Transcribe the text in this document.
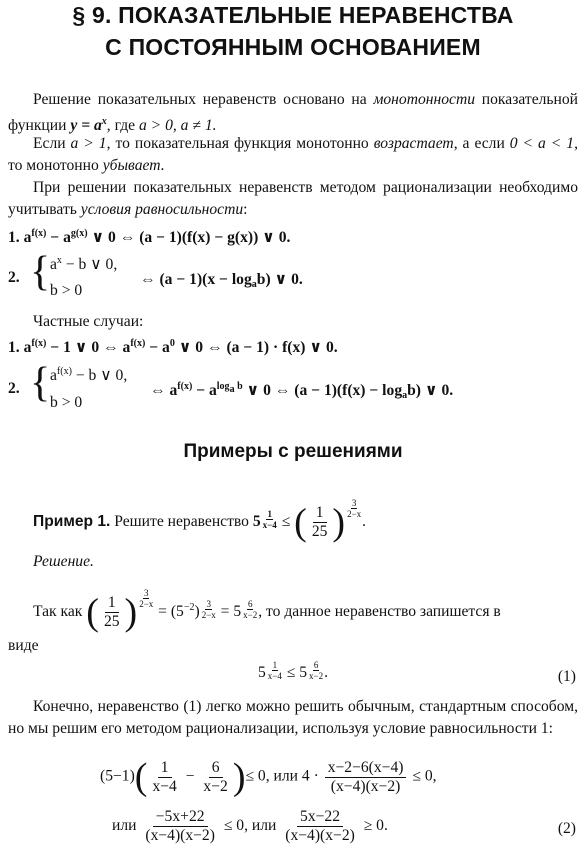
§ 9. ПОКАЗАТЕЛЬНЫЕ НЕРАВЕНСТВА
С ПОСТОЯННЫМ ОСНОВАНИЕМ
Решение показательных неравенств основано на монотонности показательной функции $y = a^x$, где a > 0, a ≠ 1.
Если a > 1, то показательная функция монотонно возрастает, а если 0 < a < 1, то монотонно убывает.
При решении показательных неравенств методом рационализации необходимо учитывать условия равносильности:
1. $a^{f(x)} - a^{g(x)}$ ∨ 0 ⇔ (a − 1)(f(x) − g(x)) ∨ 0.
2. { $a^x - b$ ∨ 0,
b > 0
⇔ $(a - 1)(x - \log_ab)$ ∨ 0.
Частные случаи:
1. $a^{f(x)} - 1$ ∨ 0 ⇔ $a^{f(x)} - a^0$ ∨ 0 ⇔ (a − 1) · f(x) ∨ 0.
2. { $a^{f(x)} - b$ ∨ 0,
b > 0
⇔ $a^{f(x)} - a^{log_a b}$ ∨ 0 ⇔ $(a - 1)(f(x) - \log_ab)$ ∨ 0.
Примеры с решениями
Пример 1. Решите неравенство $5 \frac{1}{x-4}$ ≤ ( $\frac{1}{25}$ ) $\frac{3}{2-x}$
.
Решение.
Так как ( $\frac{1}{25}$ ) $\frac{3}{2-x}$
= $(5^{-2}) \frac{3}{2-x} = 5 \frac{6}{x-2}$ , то данное неравенство запишется в
виде
$5 \frac{1}{x-4} \le 5 \frac{6}{x-2}$ .	(1)
Конечно, неравенство (1) легко можно решить обычным, стандартным способом, но мы решим его методом рационализации, используя условие равносильности 1:
$(5-1)( \frac{1}{x-4} - \frac{6}{x-2}$ )≤ 0, или $4 \cdot \frac{x-2-6(x-4)}{(x-4)(x-2)} \le 0$,
или $\frac{-5x+22}{(x-4)(x-2)} \le 0$, или $\frac{5x-22}{(x-4)(x-2)} \ge 0$.	(2)
